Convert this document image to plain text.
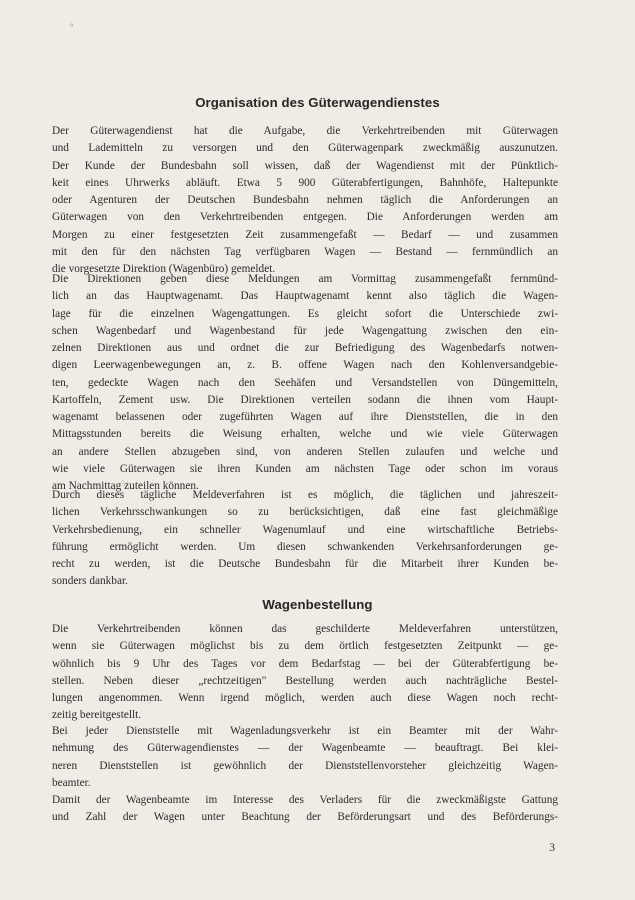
°
Organisation des Güterwagendienstes
Der Güterwagendienst hat die Aufgabe, die Verkehrtreibenden mit Güterwagen
und Lademitteln zu versorgen und den Güterwagenpark zweckmäßig auszunutzen.
Der Kunde der Bundesbahn soll wissen, daß der Wagendienst mit der Pünktlich-
keit eines Uhrwerks abläuft. Etwa 5 900 Güterabfertigungen, Bahnhöfe, Haltepunkte
oder Agenturen der Deutschen Bundesbahn nehmen täglich die Anforderungen an
Güterwagen von den Verkehrtreibenden entgegen. Die Anforderungen werden am
Morgen zu einer festgesetzten Zeit zusammengefaßt — Bedarf — und zusammen
mit den für den nächsten Tag verfügbaren Wagen — Bestand — fernmündlich an
die vorgesetzte Direktion (Wagenbüro) gemeldet.
Die Direktionen geben diese Meldungen am Vormittag zusammengefaßt fernmünd-
lich an das Hauptwagenamt. Das Hauptwagenamt kennt also täglich die Wagen-
lage für die einzelnen Wagengattungen. Es gleicht sofort die Unterschiede zwi-
schen Wagenbedarf und Wagenbestand für jede Wagengattung zwischen den ein-
zelnen Direktionen aus und ordnet die zur Befriedigung des Wagenbedarfs notwen-
digen Leerwagenbewegungen an, z. B. offene Wagen nach den Kohlenversandgebie-
ten, gedeckte Wagen nach den Seehäfen und Versandstellen von Düngemitteln,
Kartoffeln, Zement usw. Die Direktionen verteilen sodann die ihnen vom Haupt-
wagenamt belassenen oder zugeführten Wagen auf ihre Dienststellen, die in den
Mittagsstunden bereits die Weisung erhalten, welche und wie viele Güterwagen
an andere Stellen abzugeben sind, von anderen Stellen zulaufen und welche und
wie viele Güterwagen sie ihren Kunden am nächsten Tage oder schon im voraus
am Nachmittag zuteilen können.
Durch dieses tägliche Meldeverfahren ist es möglich, die täglichen und jahreszeit-
lichen Verkehrsschwankungen so zu berücksichtigen, daß eine fast gleichmäßige
Verkehrsbedienung, ein schneller Wagenumlauf und eine wirtschaftliche Betriebs-
führung ermöglicht werden. Um diesen schwankenden Verkehrsanforderungen ge-
recht zu werden, ist die Deutsche Bundesbahn für die Mitarbeit ihrer Kunden be-
sonders dankbar.
Wagenbestellung
Die Verkehrtreibenden können das geschilderte Meldeverfahren unterstützen,
wenn sie Güterwagen möglichst bis zu dem örtlich festgesetzten Zeitpunkt — ge-
wöhnlich bis 9 Uhr des Tages vor dem Bedarfstag — bei der Güterabfertigung be-
stellen. Neben dieser „rechtzeitigen" Bestellung werden auch nachträgliche Bestel-
lungen angenommen. Wenn irgend möglich, werden auch diese Wagen noch recht-
zeitig bereitgestellt.
Bei jeder Dienststelle mit Wagenladungsverkehr ist ein Beamter mit der Wahr-
nehmung des Güterwagendienstes — der Wagenbeamte — beauftragt. Bei klei-
neren Dienststellen ist gewöhnlich der Dienststellenvorsteher gleichzeitig Wagen-
beamter.
Damit der Wagenbeamte im Interesse des Verladers für die zweckmäßigste Gattung
und Zahl der Wagen unter Beachtung der Beförderungsart und des Beförderungs-
3
